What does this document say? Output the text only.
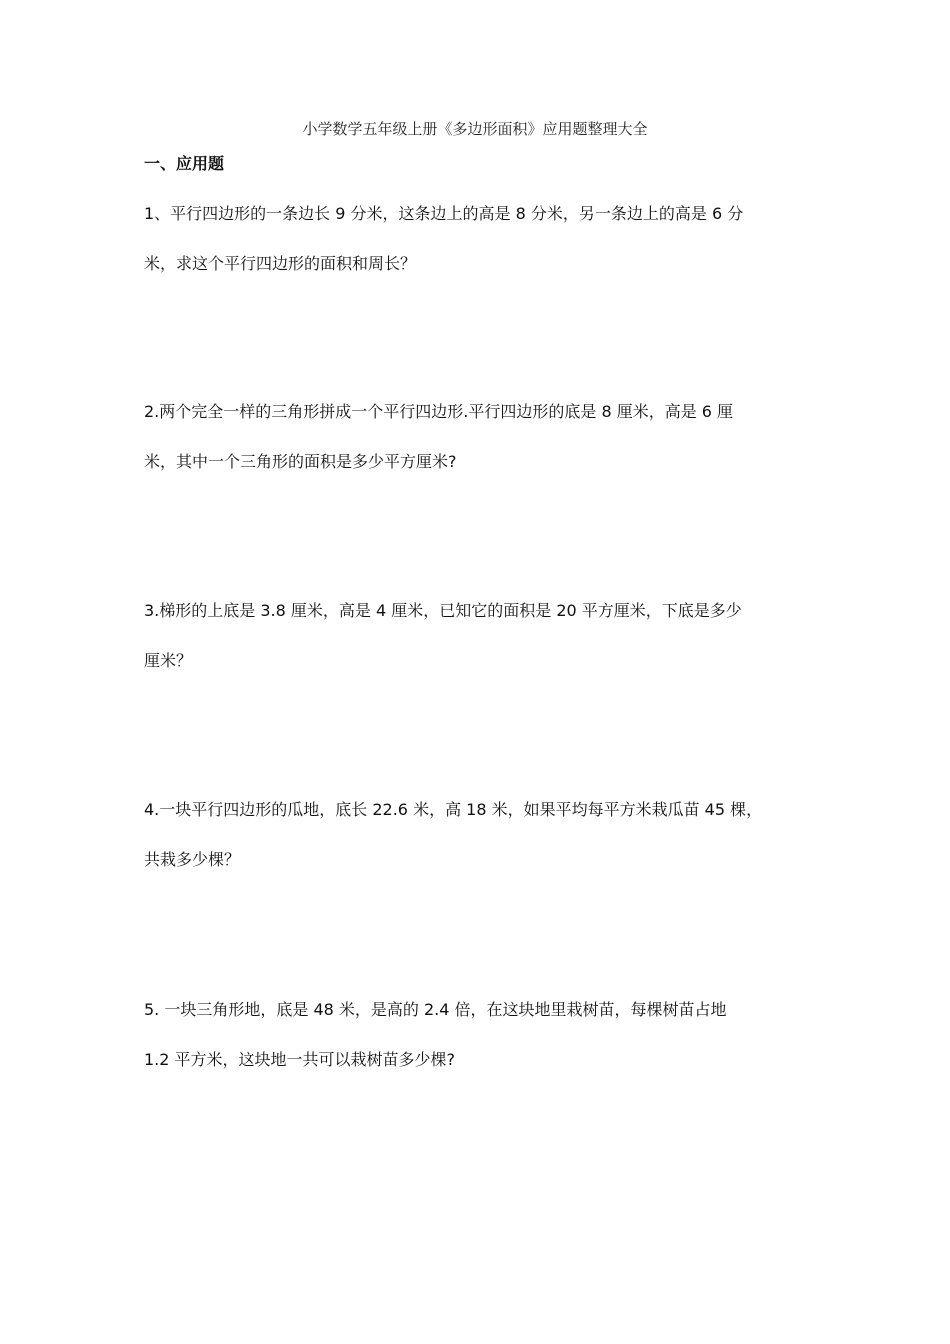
小学数学五年级上册《多边形面积》应用题整理大全
一、应用题
1、平行四边形的一条边长 9 分米，这条边上的高是 8 分米，另一条边上的高是 6 分
米，求这个平行四边形的面积和周长？
2.两个完全一样的三角形拼成一个平行四边形.平行四边形的底是 8 厘米，高是 6 厘
米，其中一个三角形的面积是多少平方厘米?
3.梯形的上底是 3.8 厘米，高是 4 厘米，已知它的面积是 20 平方厘米，下底是多少
厘米？
4.一块平行四边形的瓜地，底长 22.6 米，高 18 米，如果平均每平方米栽瓜苗 45 棵，
共栽多少棵？
5. 一块三角形地，底是 48 米，是高的 2.4 倍，在这块地里栽树苗，每棵树苗占地
1.2 平方米，这块地一共可以栽树苗多少棵?
